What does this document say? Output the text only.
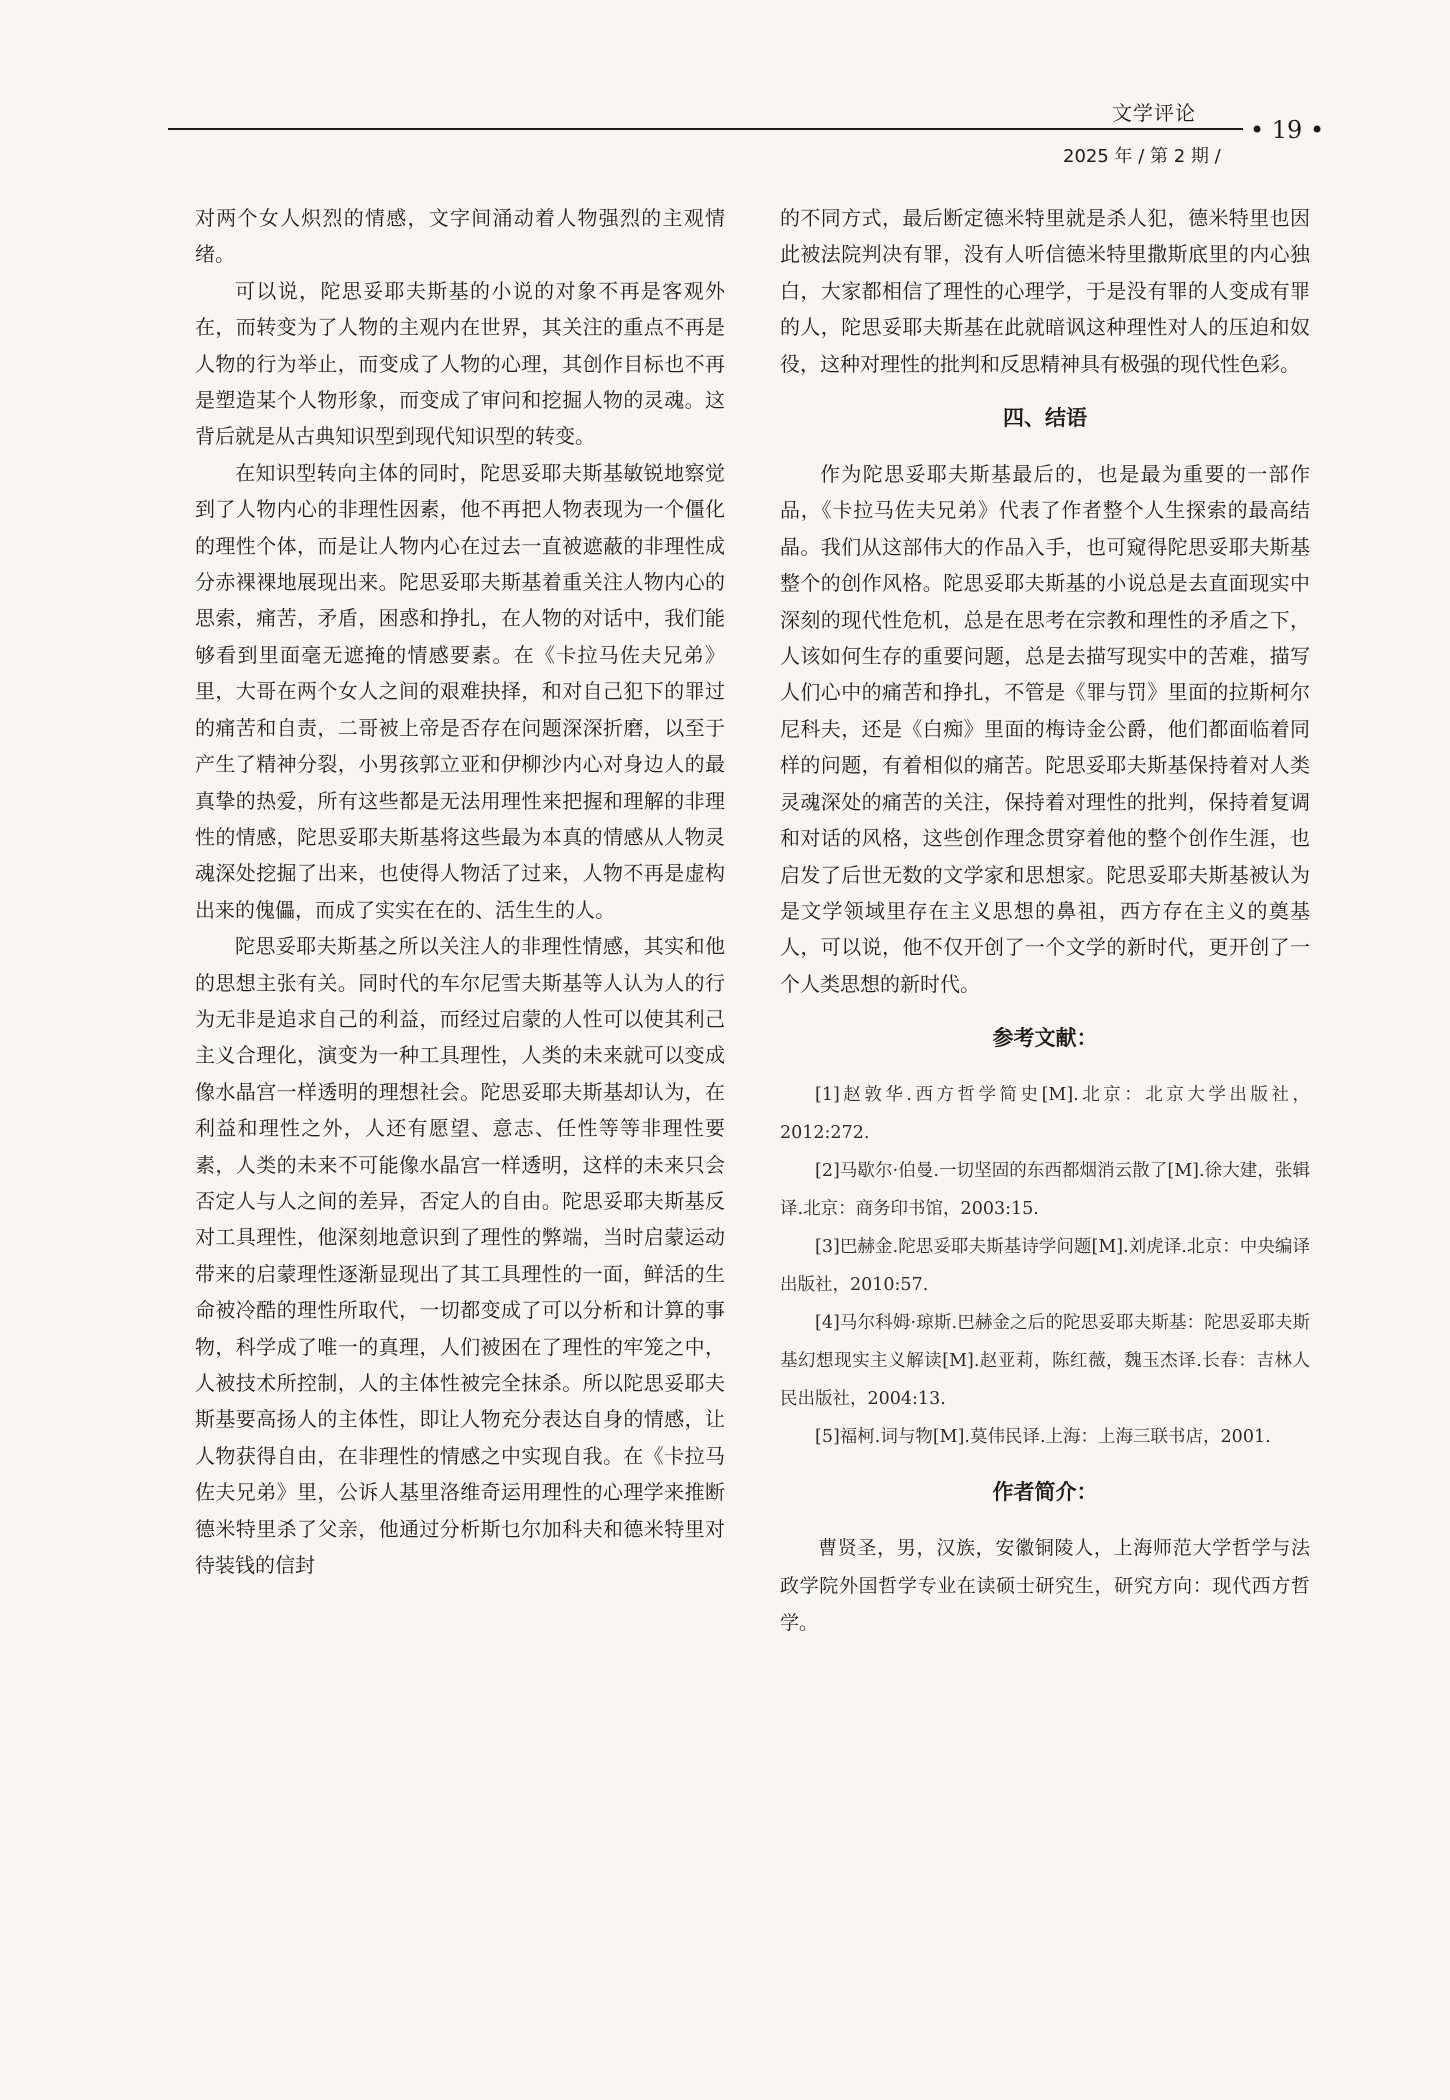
文学评论
• 19 •
2025 年 / 第 2 期 /

对两个女人炽烈的情感，文字间涌动着人物强烈的主观情绪。

可以说，陀思妥耶夫斯基的小说的对象不再是客观外在，而转变为了人物的主观内在世界，其关注的重点不再是人物的行为举止，而变成了人物的心理，其创作目标也不再是塑造某个人物形象，而变成了审问和挖掘人物的灵魂。这背后就是从古典知识型到现代知识型的转变。

在知识型转向主体的同时，陀思妥耶夫斯基敏锐地察觉到了人物内心的非理性因素，他不再把人物表现为一个僵化的理性个体，而是让人物内心在过去一直被遮蔽的非理性成分赤裸裸地展现出来。陀思妥耶夫斯基着重关注人物内心的思索，痛苦，矛盾，困惑和挣扎，在人物的对话中，我们能够看到里面毫无遮掩的情感要素。在《卡拉马佐夫兄弟》里，大哥在两个女人之间的艰难抉择，和对自己犯下的罪过的痛苦和自责，二哥被上帝是否存在问题深深折磨，以至于产生了精神分裂，小男孩郭立亚和伊柳沙内心对身边人的最真挚的热爱，所有这些都是无法用理性来把握和理解的非理性的情感，陀思妥耶夫斯基将这些最为本真的情感从人物灵魂深处挖掘了出来，也使得人物活了过来，人物不再是虚构出来的傀儡，而成了实实在在的、活生生的人。

陀思妥耶夫斯基之所以关注人的非理性情感，其实和他的思想主张有关。同时代的车尔尼雪夫斯基等人认为人的行为无非是追求自己的利益，而经过启蒙的人性可以使其利己主义合理化，演变为一种工具理性，人类的未来就可以变成像水晶宫一样透明的理想社会。陀思妥耶夫斯基却认为，在利益和理性之外，人还有愿望、意志、任性等等非理性要素，人类的未来不可能像水晶宫一样透明，这样的未来只会否定人与人之间的差异，否定人的自由。陀思妥耶夫斯基反对工具理性，他深刻地意识到了理性的弊端，当时启蒙运动带来的启蒙理性逐渐显现出了其工具理性的一面，鲜活的生命被冷酷的理性所取代，一切都变成了可以分析和计算的事物，科学成了唯一的真理，人们被困在了理性的牢笼之中，人被技术所控制，人的主体性被完全抹杀。所以陀思妥耶夫斯基要高扬人的主体性，即让人物充分表达自身的情感，让人物获得自由，在非理性的情感之中实现自我。在《卡拉马佐夫兄弟》里，公诉人基里洛维奇运用理性的心理学来推断德米特里杀了父亲，他通过分析斯乜尔加科夫和德米特里对待装钱的信封

的不同方式，最后断定德米特里就是杀人犯，德米特里也因此被法院判决有罪，没有人听信德米特里撒斯底里的内心独白，大家都相信了理性的心理学，于是没有罪的人变成有罪的人，陀思妥耶夫斯基在此就暗讽这种理性对人的压迫和奴役，这种对理性的批判和反思精神具有极强的现代性色彩。

四、结语

作为陀思妥耶夫斯基最后的，也是最为重要的一部作品，《卡拉马佐夫兄弟》代表了作者整个人生探索的最高结晶。我们从这部伟大的作品入手，也可窥得陀思妥耶夫斯基整个的创作风格。陀思妥耶夫斯基的小说总是去直面现实中深刻的现代性危机，总是在思考在宗教和理性的矛盾之下，人该如何生存的重要问题，总是去描写现实中的苦难，描写人们心中的痛苦和挣扎，不管是《罪与罚》里面的拉斯柯尔尼科夫，还是《白痴》里面的梅诗金公爵，他们都面临着同样的问题，有着相似的痛苦。陀思妥耶夫斯基保持着对人类灵魂深处的痛苦的关注，保持着对理性的批判，保持着复调和对话的风格，这些创作理念贯穿着他的整个创作生涯，也启发了后世无数的文学家和思想家。陀思妥耶夫斯基被认为是文学领域里存在主义思想的鼻祖，西方存在主义的奠基人，可以说，他不仅开创了一个文学的新时代，更开创了一个人类思想的新时代。

参考文献：

[1]赵敦华.西方哲学简史[M].北京：北京大学出版社，2012:272.

[2]马歇尔·伯曼.一切坚固的东西都烟消云散了[M].徐大建，张辑译.北京：商务印书馆，2003:15.

[3]巴赫金.陀思妥耶夫斯基诗学问题[M].刘虎译.北京：中央编译出版社，2010:57.

[4]马尔科姆·琼斯.巴赫金之后的陀思妥耶夫斯基：陀思妥耶夫斯基幻想现实主义解读[M].赵亚莉，陈红薇，魏玉杰译.长春：吉林人民出版社，2004:13.

[5]福柯.词与物[M].莫伟民译.上海：上海三联书店，2001.

作者简介：

曹贤圣，男，汉族，安徽铜陵人，上海师范大学哲学与法政学院外国哲学专业在读硕士研究生，研究方向：现代西方哲学。
